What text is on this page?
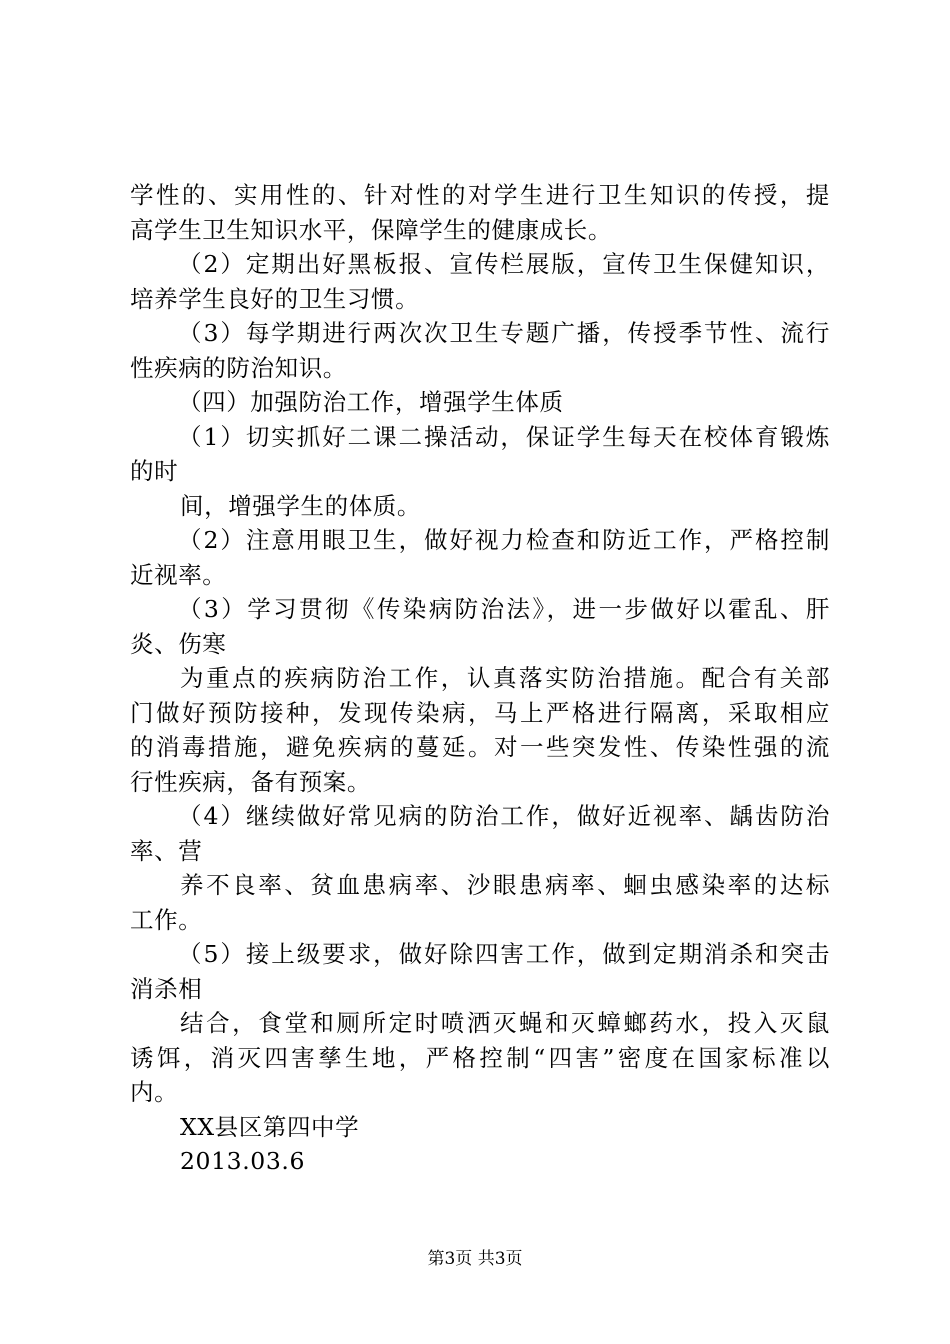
学性的、实用性的、针对性的对学生进行卫生知识的传授，提
高学生卫生知识水平，保障学生的健康成长。
（2）定期出好黑板报、宣传栏展版，宣传卫生保健知识，
培养学生良好的卫生习惯。
（3）每学期进行两次次卫生专题广播，传授季节性、流行
性疾病的防治知识。
（四）加强防治工作，增强学生体质
（1）切实抓好二课二操活动，保证学生每天在校体育锻炼
的时
间，增强学生的体质。
（2）注意用眼卫生，做好视力检查和防近工作，严格控制
近视率。
（3）学习贯彻《传染病防治法》，进一步做好以霍乱、肝
炎、伤寒
为重点的疾病防治工作，认真落实防治措施。配合有关部
门做好预防接种，发现传染病，马上严格进行隔离，采取相应
的消毒措施，避免疾病的蔓延。对一些突发性、传染性强的流
行性疾病，备有预案。
（4）继续做好常见病的防治工作，做好近视率、龋齿防治
率、营
养不良率、贫血患病率、沙眼患病率、蛔虫感染率的达标
工作。
（5）接上级要求，做好除四害工作，做到定期消杀和突击
消杀相
结合，食堂和厕所定时喷洒灭蝇和灭蟑螂药水，投入灭鼠
诱饵，消灭四害孳生地，严格控制“四害”密度在国家标准以
内。
XX县区第四中学
2013.03.6
第3页 共3页
